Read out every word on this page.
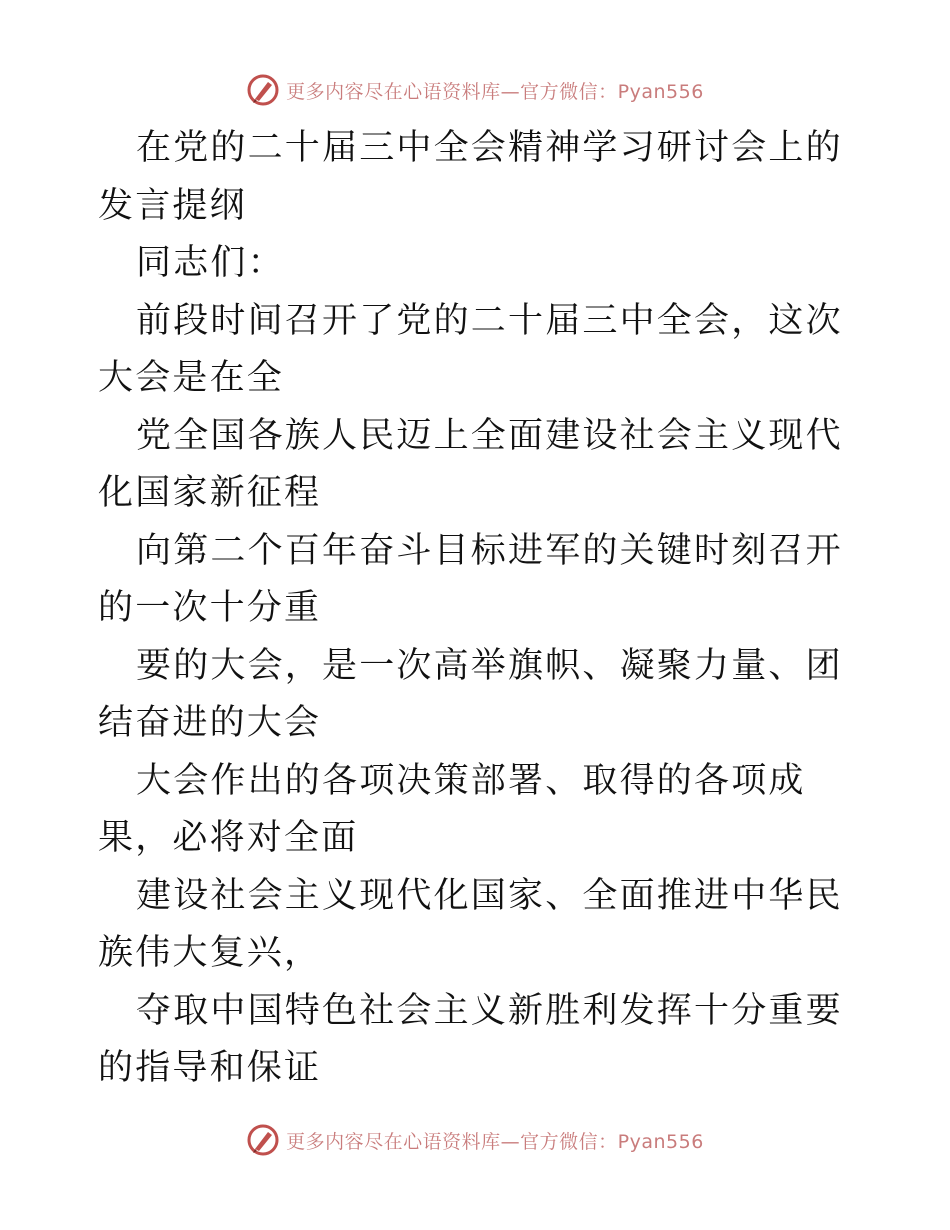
更多内容尽在心语资料库—官方微信：Pyan556

在党的二十届三中全会精神学习研讨会上的发言提纲

同志们：

前段时间召开了党的二十届三中全会，这次大会是在全

党全国各族人民迈上全面建设社会主义现代化国家新征程

向第二个百年奋斗目标进军的关键时刻召开的一次十分重

要的大会，是一次高举旗帜、凝聚力量、团结奋进的大会

大会作出的各项决策部署、取得的各项成果，必将对全面

建设社会主义现代化国家、全面推进中华民族伟大复兴，

夺取中国特色社会主义新胜利发挥十分重要的指导和保证

更多内容尽在心语资料库—官方微信：Pyan556
